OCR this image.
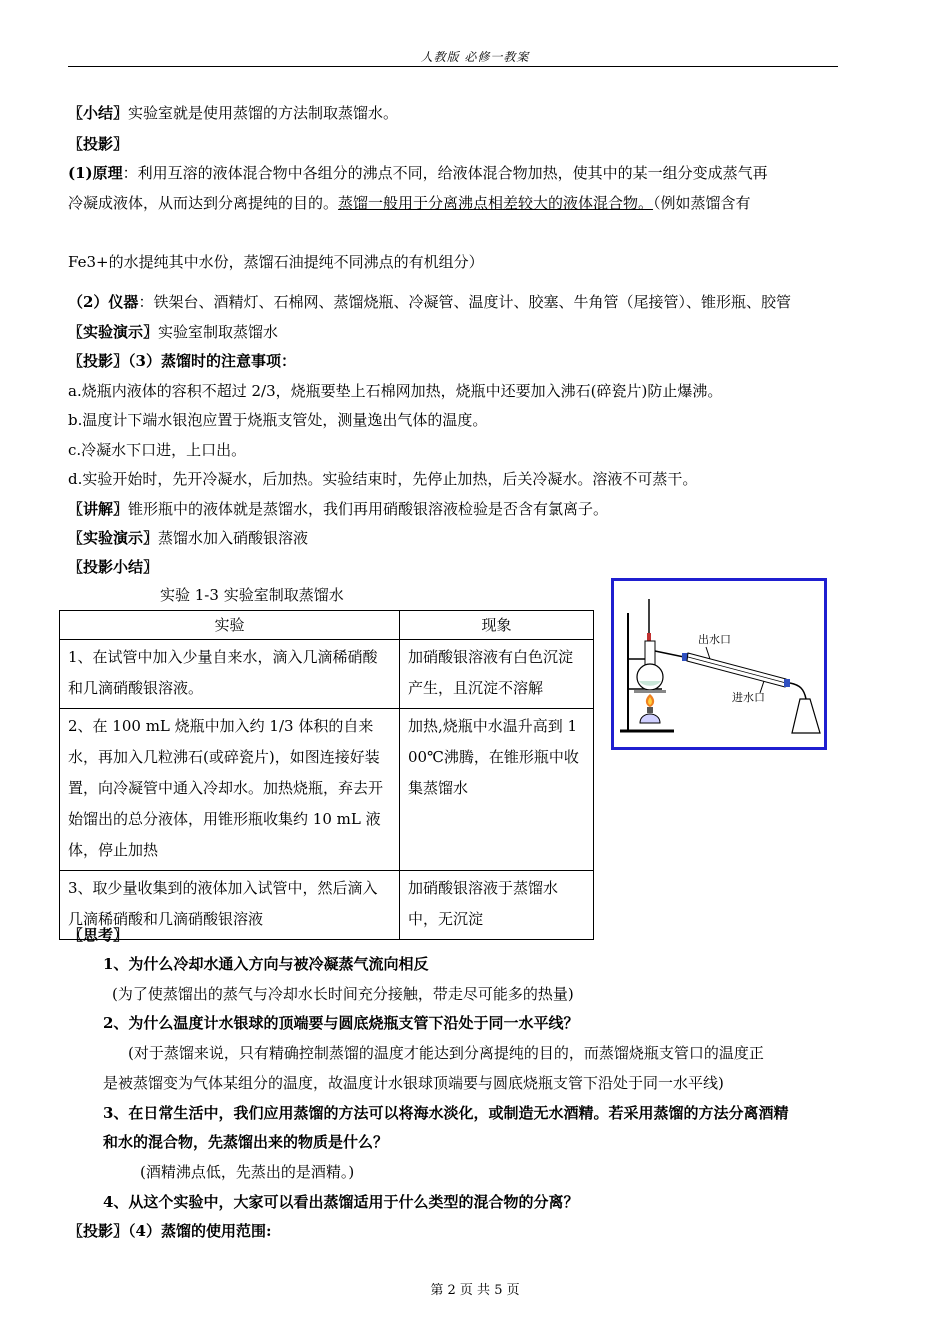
人教版 必修一教案
〖小结〗实验室就是使用蒸馏的方法制取蒸馏水。
〖投影〗
(1)原理：利用互溶的液体混合物中各组分的沸点不同，给液体混合物加热，使其中的某一组分变成蒸气再
冷凝成液体，从而达到分离提纯的目的。蒸馏一般用于分离沸点相差较大的液体混合物。（例如蒸馏含有
Fe3+的水提纯其中水份，蒸馏石油提纯不同沸点的有机组分）
（2）仪器：铁架台、酒精灯、石棉网、蒸馏烧瓶、冷凝管、温度计、胶塞、牛角管（尾接管）、锥形瓶、胶管
〖实验演示〗实验室制取蒸馏水
〖投影〗（3）蒸馏时的注意事项：
a.烧瓶内液体的容积不超过 2/3，烧瓶要垫上石棉网加热，烧瓶中还要加入沸石(碎瓷片)防止爆沸。
b.温度计下端水银泡应置于烧瓶支管处，测量逸出气体的温度。
c.冷凝水下口进，上口出。
d.实验开始时，先开冷凝水，后加热。实验结束时，先停止加热，后关冷凝水。溶液不可蒸干。
〖讲解〗锥形瓶中的液体就是蒸馏水，我们再用硝酸银溶液检验是否含有氯离子。
〖实验演示〗蒸馏水加入硝酸银溶液
〖投影小结〗
实验 1-3 实验室制取蒸馏水
实验	现象
1、在试管中加入少量自来水，滴入几滴稀硝酸和几滴硝酸银溶液。	加硝酸银溶液有白色沉淀产生，且沉淀不溶解
2、在 100 mL 烧瓶中加入约 1/3 体积的自来水，再加入几粒沸石(或碎瓷片)，如图连接好装置，向冷凝管中通入冷却水。加热烧瓶，弃去开始馏出的总分液体，用锥形瓶收集约 10 mL 液体，停止加热	加热,烧瓶中水温升高到 100℃沸腾，在锥形瓶中收集蒸馏水
3、取少量收集到的液体加入试管中，然后滴入几滴稀硝酸和几滴硝酸银溶液	加硝酸银溶液于蒸馏水中，无沉淀
出水口
进水口
〖思考〗
1、为什么冷却水通入方向与被冷凝蒸气流向相反
(为了使蒸馏出的蒸气与冷却水长时间充分接触，带走尽可能多的热量)
2、为什么温度计水银球的顶端要与圆底烧瓶支管下沿处于同一水平线？
(对于蒸馏来说，只有精确控制蒸馏的温度才能达到分离提纯的目的，而蒸馏烧瓶支管口的温度正
是被蒸馏变为气体某组分的温度，故温度计水银球顶端要与圆底烧瓶支管下沿处于同一水平线)
3、在日常生活中，我们应用蒸馏的方法可以将海水淡化，或制造无水酒精。若采用蒸馏的方法分离酒精
和水的混合物，先蒸馏出来的物质是什么？
(酒精沸点低，先蒸出的是酒精。)
4、从这个实验中，大家可以看出蒸馏适用于什么类型的混合物的分离？
〖投影〗（4）蒸馏的使用范围:
第 2 页 共 5 页
